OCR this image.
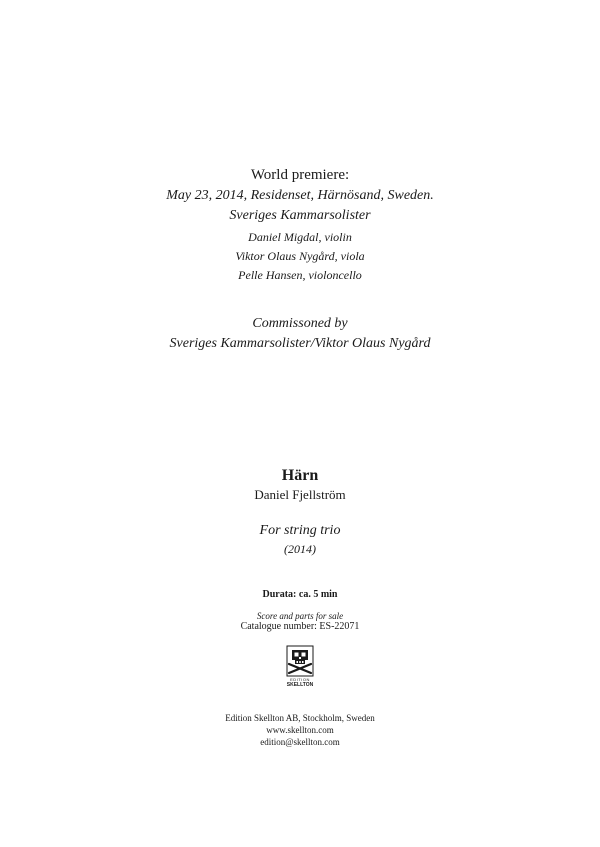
World premiere:
May 23, 2014, Residenset, Härnösand, Sweden.
Sveriges Kammarsolister
Daniel Migdal, violin
Viktor Olaus Nygård, viola
Pelle Hansen, violoncello
Commissoned by
Sveriges Kammarsolister/Viktor Olaus Nygård
Härn
Daniel Fjellström
For string trio
(2014)
Durata: ca. 5 min
Score and parts for sale
Catalogue number: ES-22071
EDITION
SKELLTON
Edition Skellton AB, Stockholm, Sweden
www.skellton.com
edition@skellton.com
